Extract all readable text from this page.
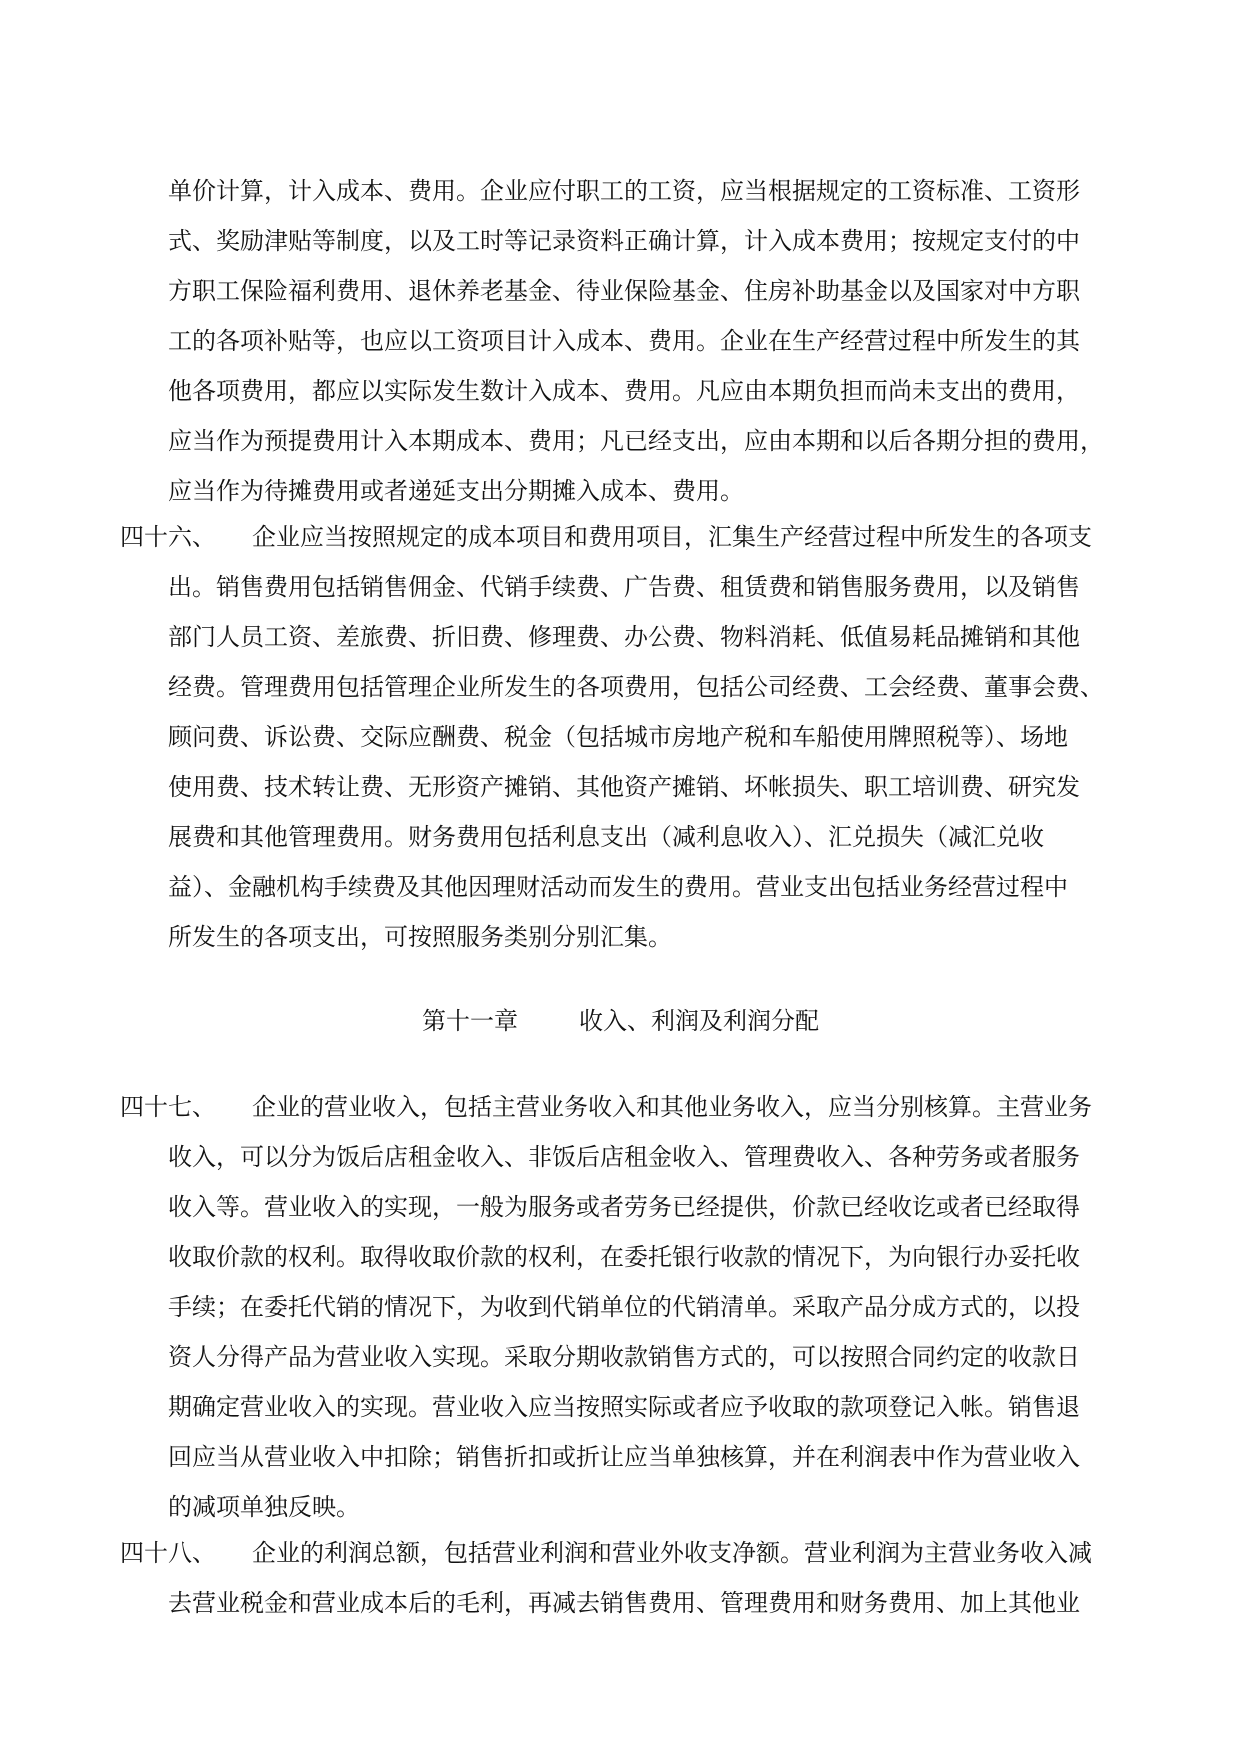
单价计算，计入成本、费用。企业应付职工的工资，应当根据规定的工资标准、工资形
式、奖励津贴等制度，以及工时等记录资料正确计算，计入成本费用；按规定支付的中
方职工保险福利费用、退休养老基金、待业保险基金、住房补助基金以及国家对中方职
工的各项补贴等，也应以工资项目计入成本、费用。企业在生产经营过程中所发生的其
他各项费用，都应以实际发生数计入成本、费用。凡应由本期负担而尚未支出的费用，
应当作为预提费用计入本期成本、费用；凡已经支出，应由本期和以后各期分担的费用，
应当作为待摊费用或者递延支出分期摊入成本、费用。
四十六、 企业应当按照规定的成本项目和费用项目，汇集生产经营过程中所发生的各项支
出。销售费用包括销售佣金、代销手续费、广告费、租赁费和销售服务费用，以及销售
部门人员工资、差旅费、折旧费、修理费、办公费、物料消耗、低值易耗品摊销和其他
经费。管理费用包括管理企业所发生的各项费用，包括公司经费、工会经费、董事会费、
顾问费、诉讼费、交际应酬费、税金（包括城市房地产税和车船使用牌照税等）、场地
使用费、技术转让费、无形资产摊销、其他资产摊销、坏帐损失、职工培训费、研究发
展费和其他管理费用。财务费用包括利息支出（减利息收入）、汇兑损失（减汇兑收
益）、金融机构手续费及其他因理财活动而发生的费用。营业支出包括业务经营过程中
所发生的各项支出，可按照服务类别分别汇集。
第十一章	收入、利润及利润分配
四十七、 企业的营业收入，包括主营业务收入和其他业务收入，应当分别核算。主营业务
收入，可以分为饭后店租金收入、非饭后店租金收入、管理费收入、各种劳务或者服务
收入等。营业收入的实现，一般为服务或者劳务已经提供，价款已经收讫或者已经取得
收取价款的权利。取得收取价款的权利，在委托银行收款的情况下，为向银行办妥托收
手续；在委托代销的情况下，为收到代销单位的代销清单。采取产品分成方式的，以投
资人分得产品为营业收入实现。采取分期收款销售方式的，可以按照合同约定的收款日
期确定营业收入的实现。营业收入应当按照实际或者应予收取的款项登记入帐。销售退
回应当从营业收入中扣除；销售折扣或折让应当单独核算，并在利润表中作为营业收入
的减项单独反映。
四十八、 企业的利润总额，包括营业利润和营业外收支净额。营业利润为主营业务收入减
去营业税金和营业成本后的毛利，再减去销售费用、管理费用和财务费用、加上其他业
